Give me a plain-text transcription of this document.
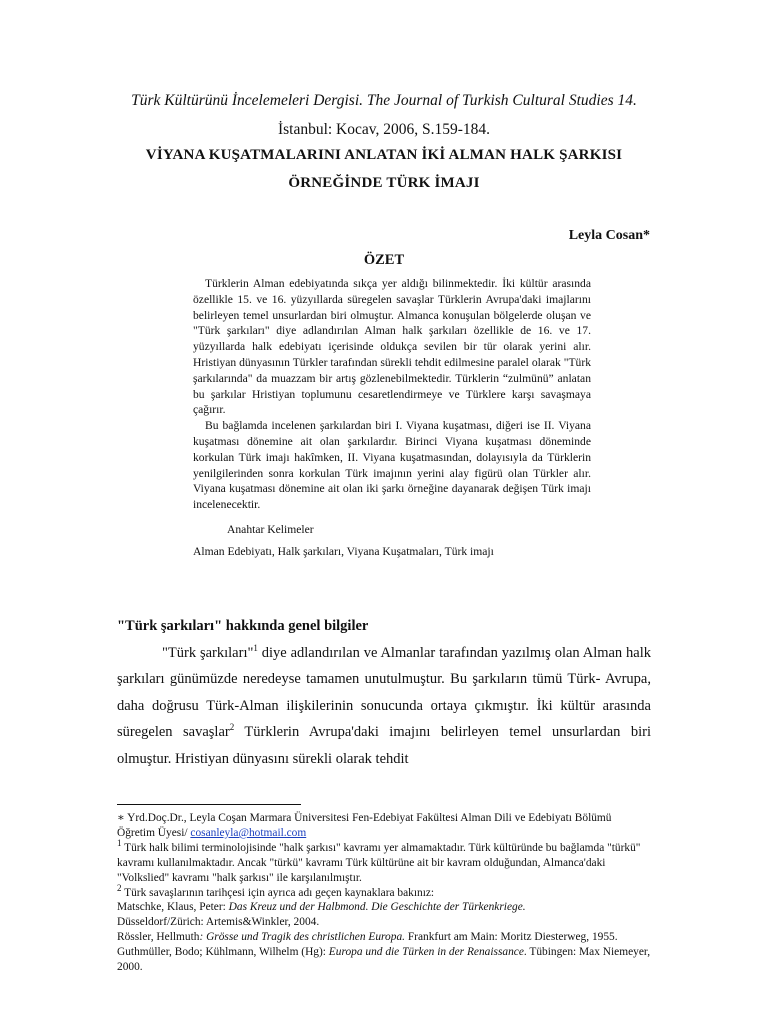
Türk Kültürünü İncelemeleri Dergisi. The Journal of Turkish Cultural Studies 14.
İstanbul: Kocav, 2006, S.159-184.
VİYANA KUŞATMALARINI ANLATAN İKİ ALMAN HALK ŞARKISI
ÖRNEĞİNDE TÜRK İMAJI
Leyla Cosan*
ÖZET

Türklerin Alman edebiyatında sıkça yer aldığı bilinmektedir. İki kültür arasında özellikle 15. ve 16. yüzyıllarda süregelen savaşlar Türklerin Avrupa'daki imajlarını belirleyen temel unsurlardan biri olmuştur. Almanca konuşulan bölgelerde oluşan ve "Türk şarkıları" diye adlandırılan Alman halk şarkıları özellikle de 16. ve 17. yüzyıllarda halk edebiyatı içerisinde oldukça sevilen bir tür olarak yerini alır. Hristiyan dünyasının Türkler tarafından sürekli tehdit edilmesine paralel olarak "Türk şarkılarında" da muazzam bir artış gözlenebilmektedir. Türklerin “zulmünü” anlatan bu şarkılar Hristiyan toplumunu cesaretlendirmeye ve Türklere karşı savaşmaya çağırır.

Bu bağlamda incelenen şarkılardan biri I. Viyana kuşatması, diğeri ise II. Viyana kuşatması dönemine ait olan şarkılardır. Birinci Viyana kuşatması döneminde korkulan Türk imajı hakîmken, II. Viyana kuşatmasından, dolayısıyla da Türklerin yenilgilerinden sonra korkulan Türk imajının yerini alay figürü olan Türkler alır. Viyana kuşatması dönemine ait olan iki şarkı örneğine dayanarak değişen Türk imajı incelenecektir.

Anahtar Kelimeler
Alman Edebiyatı, Halk şarkıları, Viyana Kuşatmaları, Türk imajı
"Türk şarkıları" hakkında genel bilgiler

"Türk şarkıları"$^1$ diye adlandırılan ve Almanlar tarafından yazılmış olan Alman halk şarkıları günümüzde neredeyse tamamen unutulmuştur. Bu şarkıların tümü Türk- Avrupa, daha doğrusu Türk-Alman ilişkilerinin sonucunda ortaya çıkmıştır. İki kültür arasında süregelen savaşlar$^2$ Türklerin Avrupa'daki imajını belirleyen temel unsurlardan biri olmuştur. Hristiyan dünyasını sürekli olarak tehdit

∗ Yrd.Doç.Dr., Leyla Coşan Marmara Üniversitesi Fen-Edebiyat Fakültesi Alman Dili ve Edebiyatı Bölümü Öğretim Üyesi/ cosanleyla@hotmail.com
$^1$ Türk halk bilimi terminolojisinde "halk şarkısı" kavramı yer almamaktadır. Türk kültüründe bu bağlamda "türkü" kavramı kullanılmaktadır. Ancak "türkü" kavramı Türk kültürüne ait bir kavram olduğundan, Almanca'daki "Volkslied" kavramı "halk şarkısı" ile karşılanılmıştır.
$^2$ Türk savaşlarının tarihçesi için ayrıca adı geçen kaynaklara bakınız:
Matschke, Klaus, Peter: Das Kreuz und der Halbmond. Die Geschichte der Türkenkriege.
Düsseldorf/Zürich: Artemis&Winkler, 2004.
Rössler, Hellmuth: Grösse und Tragik des christlichen Europa. Frankfurt am Main: Moritz Diesterweg, 1955.
Guthmüller, Bodo; Kühlmann, Wilhelm (Hg): Europa und die Türken in der Renaissance. Tübingen: Max Niemeyer, 2000.
